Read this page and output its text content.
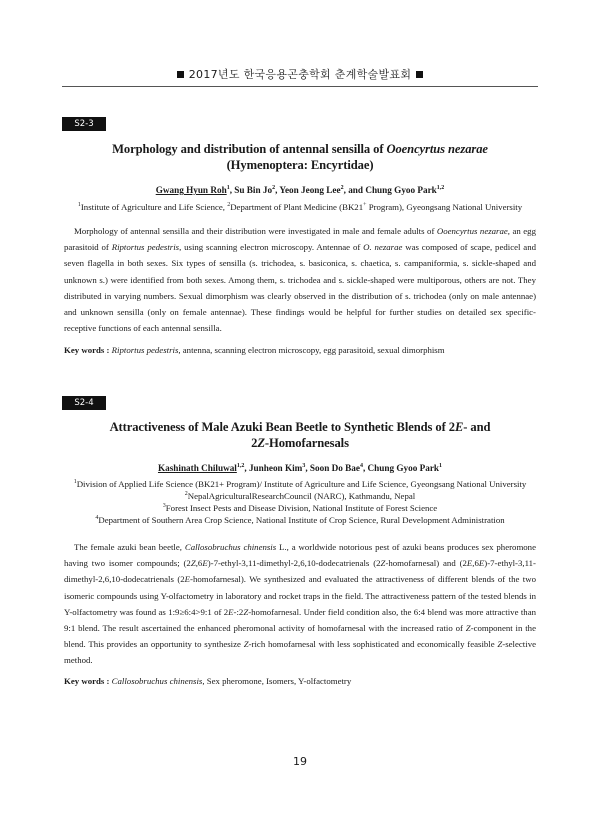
2017년도 한국응용곤충학회 춘계학술발표회
S2-3
Morphology and distribution of antennal sensilla of Ooencyrtus nezarae
(Hymenoptera: Encyrtidae)
Gwang Hyun Roh$^1$, Su Bin Jo$^2$, Yeon Jeong Lee$^2$, and Chung Gyoo Park$^{1,2}$
$^1$Institute of Agriculture and Life Science, $^2$Department of Plant Medicine (BK21+ Program), Gyeongsang National University

Morphology of antennal sensilla and their distribution were investigated in male and female adults of Ooencyrtus nezarae, an egg parasitoid of Riptortus pedestris, using scanning electron microscopy. Antennae of O. nezarae was composed of scape, pedicel and seven flagella in both sexes. Six types of sensilla (s. trichodea, s. basiconica, s. chaetica, s. campaniformia, s. sickle-shaped and unknown s.) were identified from both sexes. Among them, s. trichodea and s. sickle-shaped were multiporous, others are not. They distributed in varying numbers. Sexual dimorphism was clearly observed in the distribution of s. trichodea (only on male antennae) and unknown sensilla (only on female antennae). These findings would be helpful for further studies on detailed sex specific-receptive functions of each antennal sensilla.

Key words : Riptortus pedestris, antenna, scanning electron microscopy, egg parasitoid, sexual dimorphism
S2-4
Attractiveness of Male Azuki Bean Beetle to Synthetic Blends of 2E- and
2Z-Homofarnesals
Kashinath Chiluwal$^{1,2}$, Junheon Kim$^3$, Soon Do Bae$^4$, Chung Gyoo Park$^1$
$^1$Division of Applied Life Science (BK21+ Program)/ Institute of Agriculture and Life Science, Gyeongsang National University
$^2$NepalAgriculturalResearchCouncil (NARC), Kathmandu, Nepal
$^3$Forest Insect Pests and Disease Division, National Institute of Forest Science
$^4$Department of Southern Area Crop Science, National Institute of Crop Science, Rural Development Administration

The female azuki bean beetle, Callosobruchus chinensis L., a worldwide notorious pest of azuki beans produces sex pheromone having two isomer compounds; (2Z,6E)-7-ethyl-3,11-dimethyl-2,6,10-dodecatrienals (2Z-homofarnesal) and (2E,6E)-7-ethyl-3,11-dimethyl-2,6,10-dodecatrienals (2E-homofarnesal). We synthesized and evaluated the attractiveness of different blends of the two isomeric compounds using Y-olfactometry in laboratory and rocket traps in the field. The attractiveness pattern of the tested blends in Y-olfactometry was found as 1:9≥6:4>9:1 of 2E-:2Z-homofarnesal. Under field condition also, the 6:4 blend was more attractive than 9:1 blend. The result ascertained the enhanced pheromonal activity of homofarnesal with the increased ratio of Z-component in the blend. This provides an opportunity to synthesize Z-rich homofarnesal with less sophisticated and economically feasible Z-selective method.

Key words : Callosobruchus chinensis, Sex pheromone, Isomers, Y-olfactometry
19
